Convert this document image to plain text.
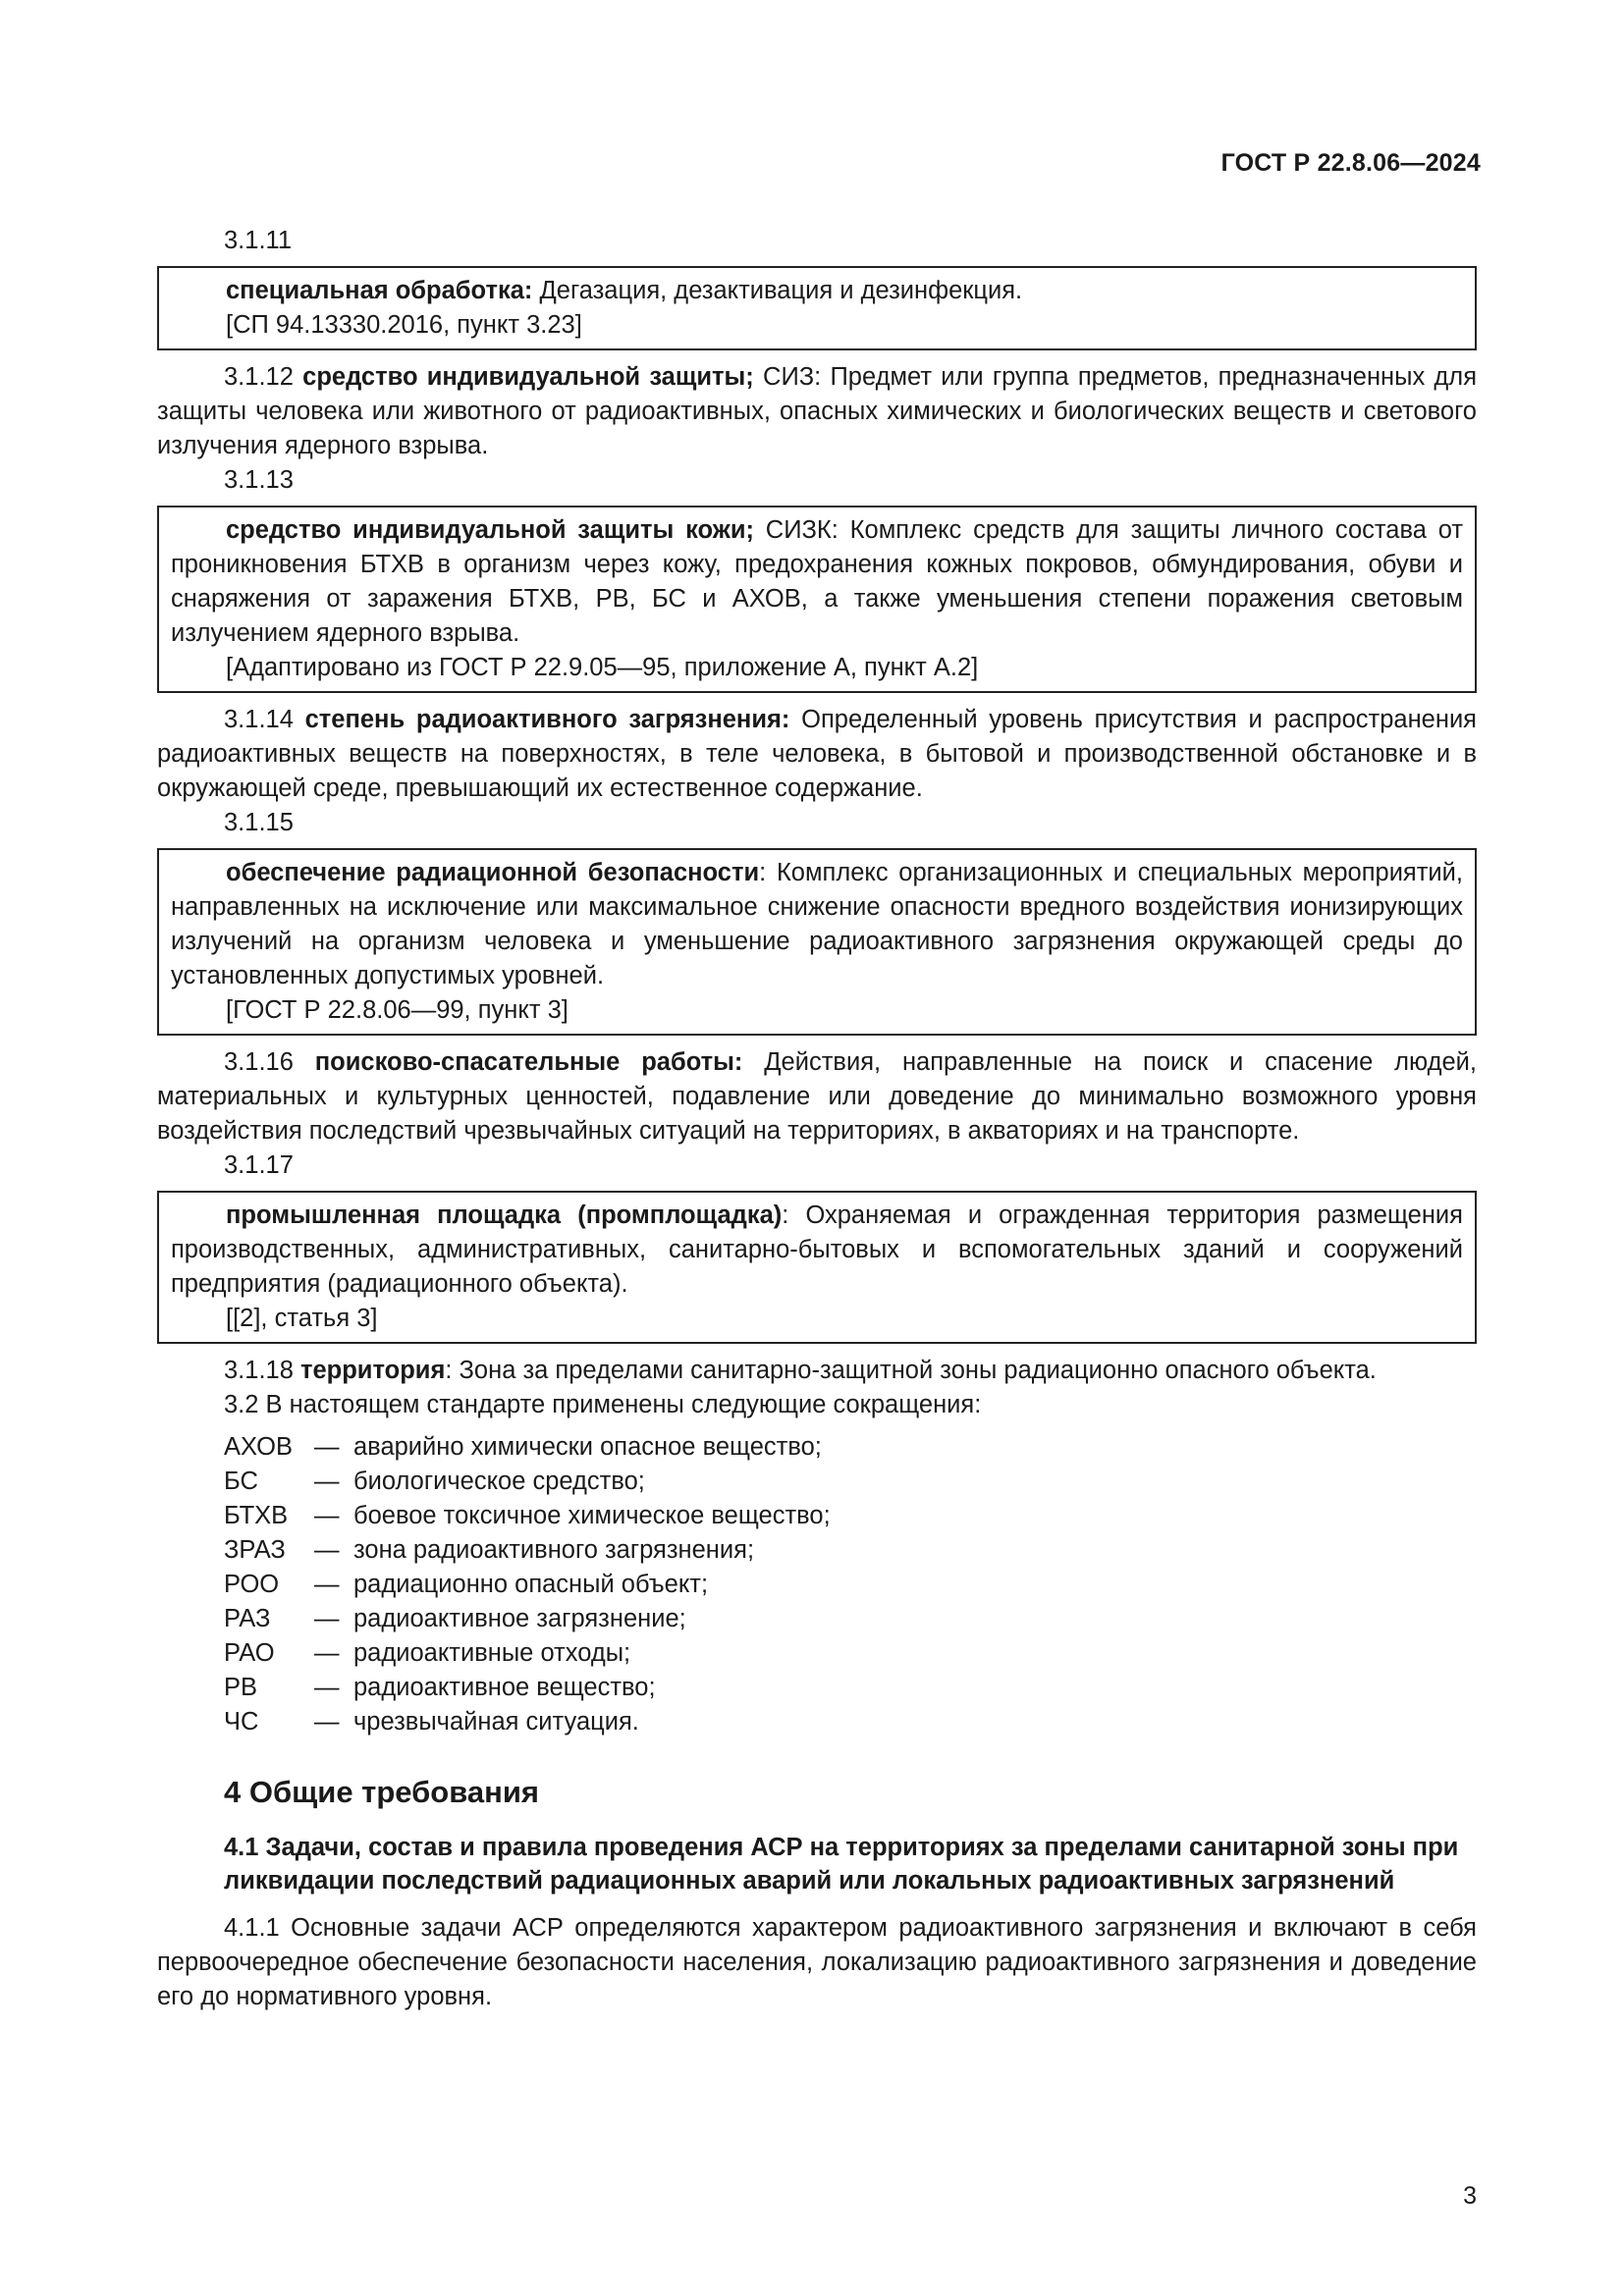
ГОСТ Р 22.8.06—2024

3.1.11

специальная обработка: Дегазация, дезактивация и дезинфекция.

[СП 94.13330.2016, пункт 3.23]

3.1.12 средство индивидуальной защиты; СИЗ: Предмет или группа предметов, предназначенных для защиты человека или животного от радиоактивных, опасных химических и биологических веществ и светового излучения ядерного взрыва.

3.1.13

средство индивидуальной защиты кожи; СИЗК: Комплекс средств для защиты личного состава от проникновения БТХВ в организм через кожу, предохранения кожных покровов, обмундирования, обуви и снаряжения от заражения БТХВ, РВ, БС и АХОВ, а также уменьшения степени поражения световым излучением ядерного взрыва.

[Адаптировано из ГОСТ Р 22.9.05—95, приложение А, пункт А.2]

3.1.14 степень радиоактивного загрязнения: Определенный уровень присутствия и распространения радиоактивных веществ на поверхностях, в теле человека, в бытовой и производственной обстановке и в окружающей среде, превышающий их естественное содержание.

3.1.15

обеспечение радиационной безопасности: Комплекс организационных и специальных мероприятий, направленных на исключение или максимальное снижение опасности вредного воздействия ионизирующих излучений на организм человека и уменьшение радиоактивного загрязнения окружающей среды до установленных допустимых уровней.

[ГОСТ Р 22.8.06—99, пункт 3]

3.1.16 поисково-спасательные работы: Действия, направленные на поиск и спасение людей, материальных и культурных ценностей, подавление или доведение до минимально возможного уровня воздействия последствий чрезвычайных ситуаций на территориях, в акваториях и на транспорте.

3.1.17

промышленная площадка (промплощадка): Охраняемая и огражденная территория размещения производственных, административных, санитарно-бытовых и вспомогательных зданий и сооружений предприятия (радиационного объекта).

[[2], статья 3]

3.1.18 территория: Зона за пределами санитарно-защитной зоны радиационно опасного объекта.

3.2 В настоящем стандарте применены следующие сокращения:

АХОВ — аварийно химически опасное вещество;
БС	— биологическое средство;
БТХВ	— боевое токсичное химическое вещество;
ЗРАЗ	— зона радиоактивного загрязнения;
РОО	— радиационно опасный объект;
РАЗ	— радиоактивное загрязнение;
РАО	— радиоактивные отходы;
РВ	— радиоактивное вещество;
ЧС	— чрезвычайная ситуация.
4 Общие требования
4.1 Задачи, состав и правила проведения АСР на территориях за пределами санитарной зоны при ликвидации последствий радиационных аварий или локальных радиоактивных загрязнений

4.1.1 Основные задачи АСР определяются характером радиоактивного загрязнения и включают в себя первоочередное обеспечение безопасности населения, локализацию радиоактивного загрязнения и доведение его до нормативного уровня.

3
